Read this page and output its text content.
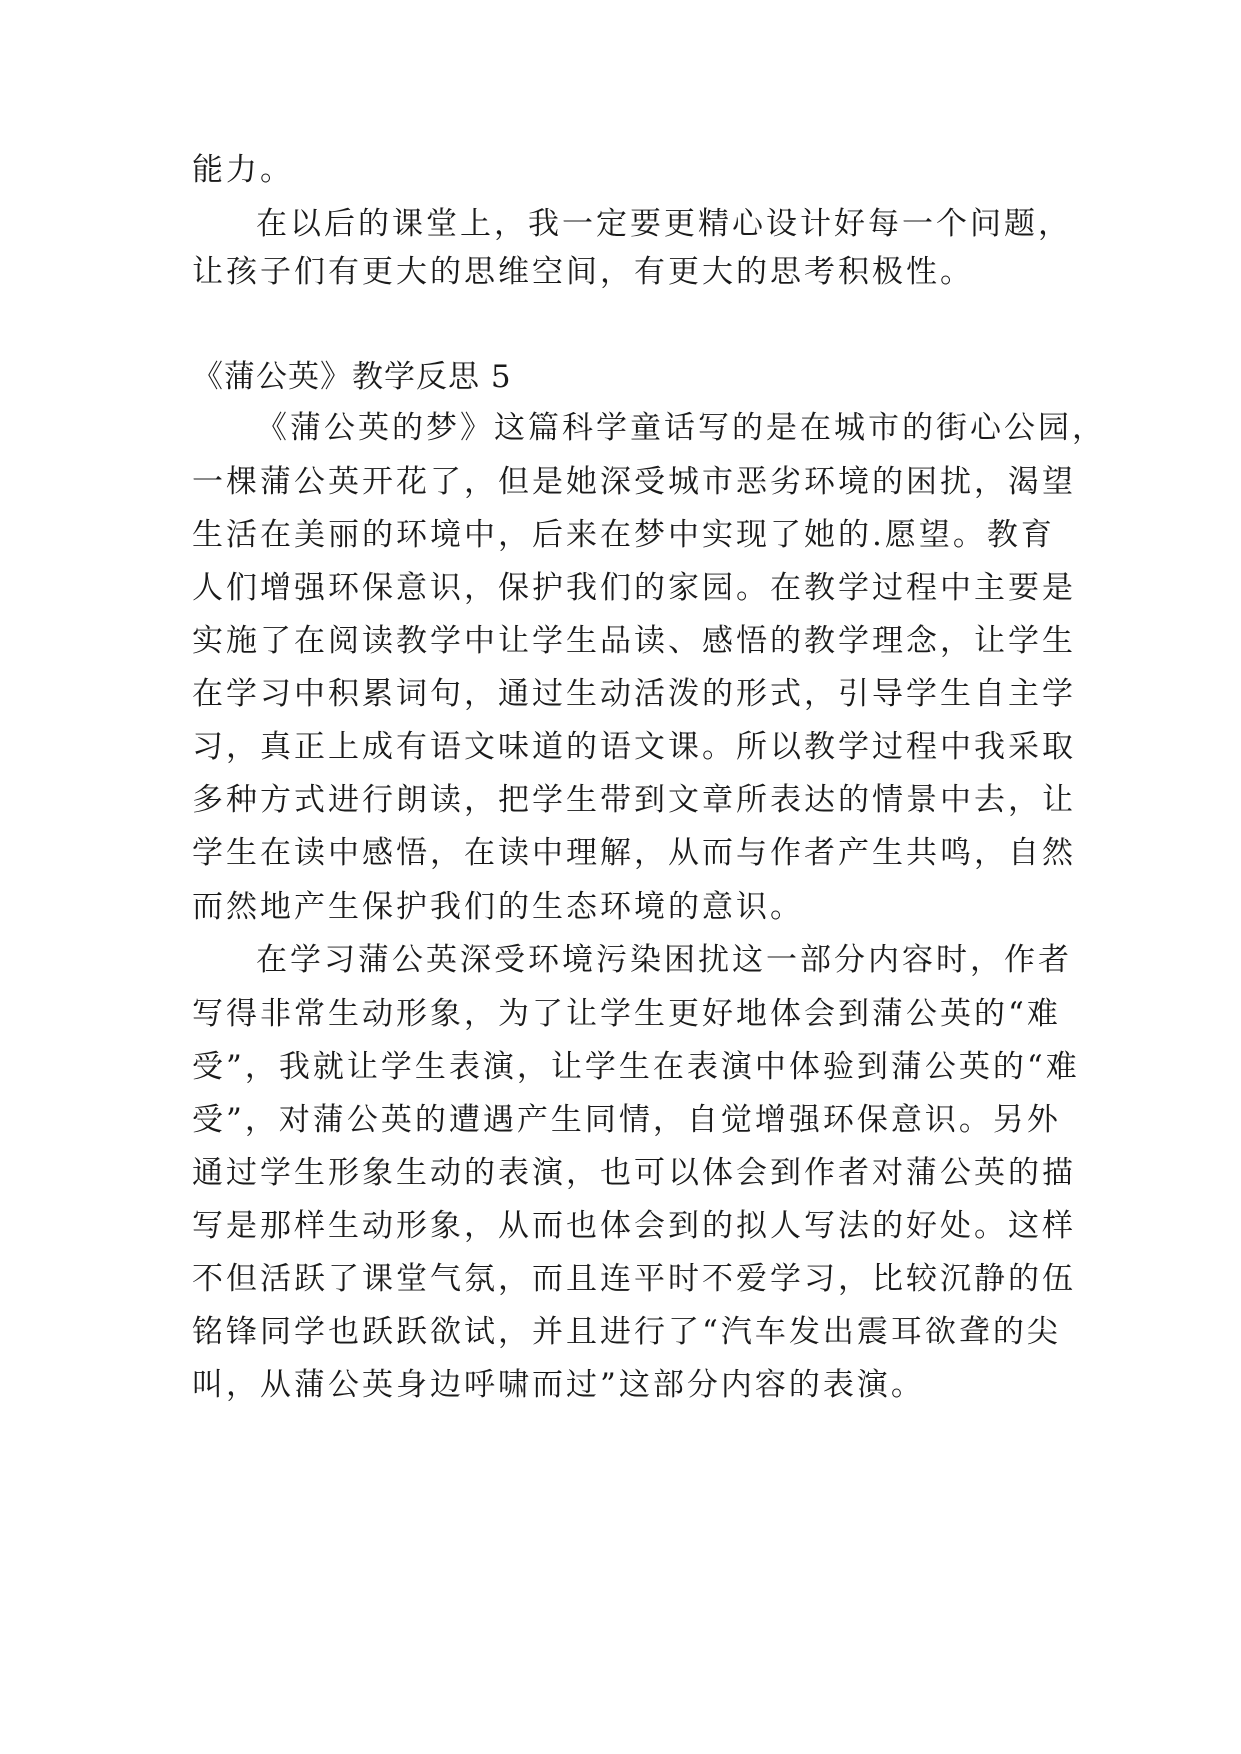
能力。
在以后的课堂上，我一定要更精心设计好每一个问题，
让孩子们有更大的思维空间，有更大的思考积极性。
《蒲公英》教学反思 5
《蒲公英的梦》这篇科学童话写的是在城市的街心公园，
一棵蒲公英开花了，但是她深受城市恶劣环境的困扰，渴望
生活在美丽的环境中，后来在梦中实现了她的.愿望。教育
人们增强环保意识，保护我们的家园。在教学过程中主要是
实施了在阅读教学中让学生品读、感悟的教学理念，让学生
在学习中积累词句，通过生动活泼的形式，引导学生自主学
习，真正上成有语文味道的语文课。所以教学过程中我采取
多种方式进行朗读，把学生带到文章所表达的情景中去，让
学生在读中感悟，在读中理解，从而与作者产生共鸣，自然
而然地产生保护我们的生态环境的意识。
在学习蒲公英深受环境污染困扰这一部分内容时，作者
写得非常生动形象，为了让学生更好地体会到蒲公英的“难
受”，我就让学生表演，让学生在表演中体验到蒲公英的“难
受”，对蒲公英的遭遇产生同情，自觉增强环保意识。另外
通过学生形象生动的表演，也可以体会到作者对蒲公英的描
写是那样生动形象，从而也体会到的拟人写法的好处。这样
不但活跃了课堂气氛，而且连平时不爱学习，比较沉静的伍
铭锋同学也跃跃欲试，并且进行了“汽车发出震耳欲聋的尖
叫，从蒲公英身边呼啸而过”这部分内容的表演。
